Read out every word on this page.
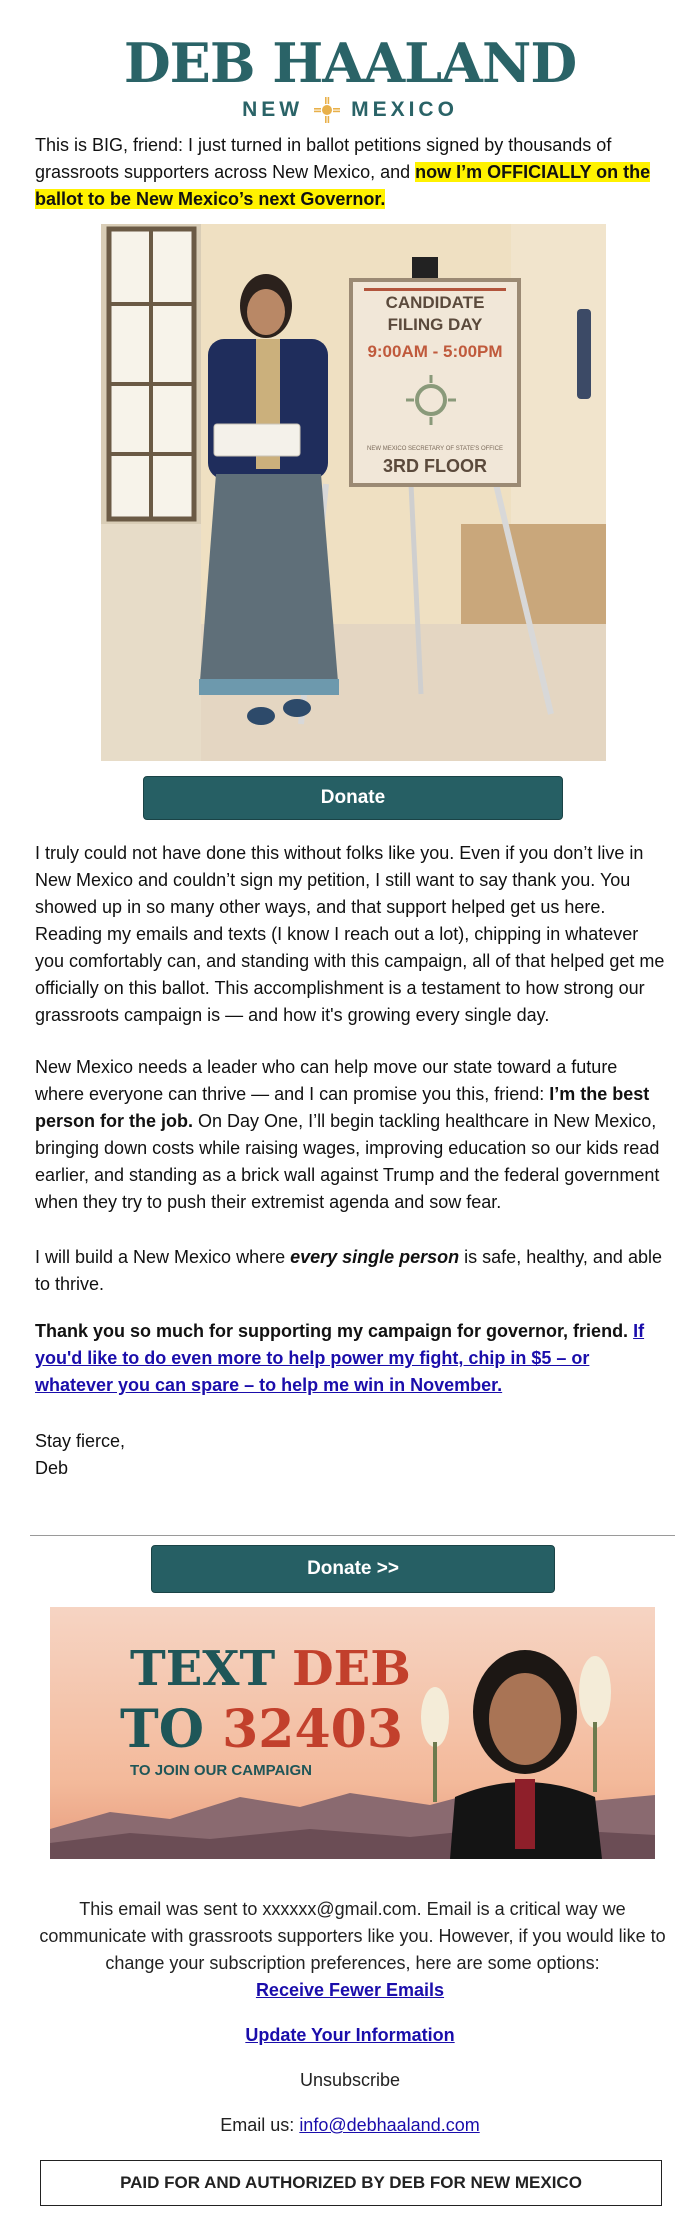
DEB HAALAND
NEW MEXICO

This is BIG, friend: I just turned in ballot petitions signed by thousands of grassroots supporters across New Mexico, and now I’m OFFICIALLY on the ballot to be New Mexico’s next Governor.

CANDIDATE
FILING DAY
9:00AM - 5:00PM
NEW MEXICO SECRETARY OF STATE'S OFFICE
3RD FLOOR
Donate

I truly could not have done this without folks like you. Even if you don’t live in New Mexico and couldn’t sign my petition, I still want to say thank you. You showed up in so many other ways, and that support helped get us here. Reading my emails and texts (I know I reach out a lot), chipping in whatever you comfortably can, and standing with this campaign, all of that helped get me officially on this ballot. This accomplishment is a testament to how strong our grassroots campaign is — and how it's growing every single day.

New Mexico needs a leader who can help move our state toward a future where everyone can thrive — and I can promise you this, friend: I’m the best person for the job. On Day One, I’ll begin tackling healthcare in New Mexico, bringing down costs while raising wages, improving education so our kids read earlier, and standing as a brick wall against Trump and the federal government when they try to push their extremist agenda and sow fear.

I will build a New Mexico where every single person is safe, healthy, and able to thrive.

Thank you so much for supporting my campaign for governor, friend. If you'd like to do even more to help power my fight, chip in $5 – or whatever you can spare – to help me win in November.

Stay fierce,
Deb

Donate >>
TEXT DEB
TO 32403
TO JOIN OUR CAMPAIGN

This email was sent to xxxxxx@gmail.com. Email is a critical way we communicate with grassroots supporters like you. However, if you would like to change your subscription preferences, here are some options:

Receive Fewer Emails
Update Your Information
Unsubscribe
Email us: info@debhaaland.com
PAID FOR AND AUTHORIZED BY DEB FOR NEW MEXICO
